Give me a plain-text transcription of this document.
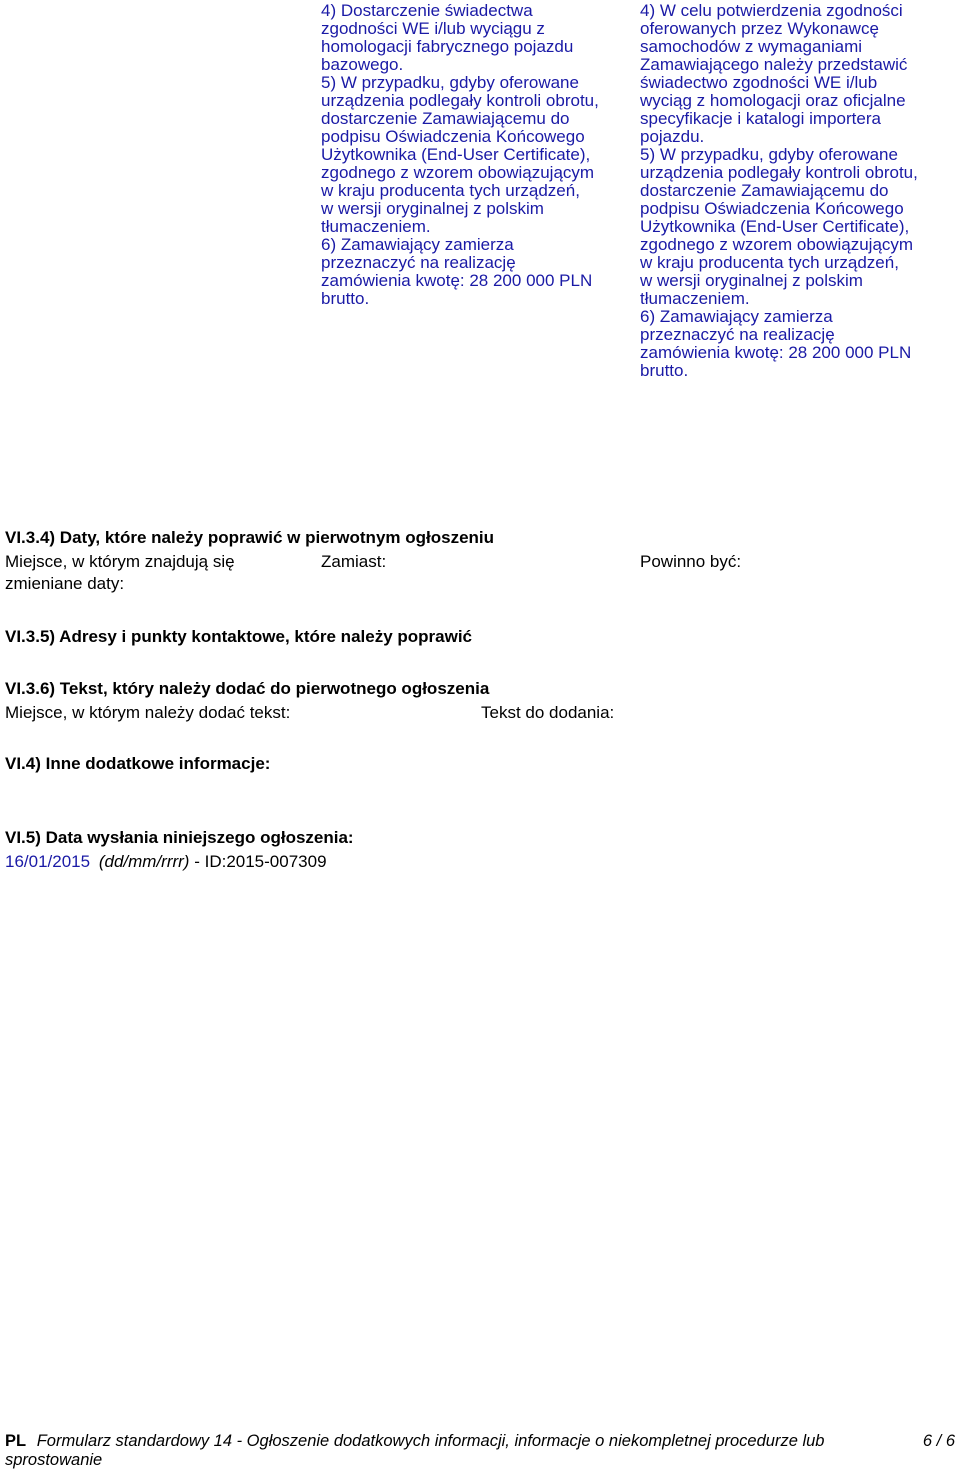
4) Dostarczenie świadectwa
zgodności WE i/lub wyciągu z
homologacji fabrycznego pojazdu
bazowego.
5) W przypadku, gdyby oferowane
urządzenia podlegały kontroli obrotu,
dostarczenie Zamawiającemu do
podpisu Oświadczenia Końcowego
Użytkownika (End-User Certificate),
zgodnego z wzorem obowiązującym
w kraju producenta tych urządzeń,
w wersji oryginalnej z polskim
tłumaczeniem.
6) Zamawiający zamierza
przeznaczyć na realizację
zamówienia kwotę: 28 200 000 PLN
brutto.
4) W celu potwierdzenia zgodności
oferowanych przez Wykonawcę
samochodów z wymaganiami
Zamawiającego należy przedstawić
świadectwo zgodności WE i/lub
wyciąg z homologacji oraz oficjalne
specyfikacje i katalogi importera
pojazdu.
5) W przypadku, gdyby oferowane
urządzenia podlegały kontroli obrotu,
dostarczenie Zamawiającemu do
podpisu Oświadczenia Końcowego
Użytkownika (End-User Certificate),
zgodnego z wzorem obowiązującym
w kraju producenta tych urządzeń,
w wersji oryginalnej z polskim
tłumaczeniem.
6) Zamawiający zamierza
przeznaczyć na realizację
zamówienia kwotę: 28 200 000 PLN
brutto.
VI.3.4) Daty, które należy poprawić w pierwotnym ogłoszeniu
Miejsce, w którym znajdują się
zmieniane daty:
Zamiast:	Powinno być:
VI.3.5) Adresy i punkty kontaktowe, które należy poprawić
VI.3.6) Tekst, który należy dodać do pierwotnego ogłoszenia
Miejsce, w którym należy dodać tekst:	Tekst do dodania:
VI.4) Inne dodatkowe informacje:
VI.5) Data wysłania niniejszego ogłoszenia:
16/01/2015 (dd/mm/rrrr) - ID:2015-007309
PL Formularz standardowy 14 - Ogłoszenie dodatkowych informacji, informacje o niekompletnej procedurze lub
sprostowanie
6 / 6
